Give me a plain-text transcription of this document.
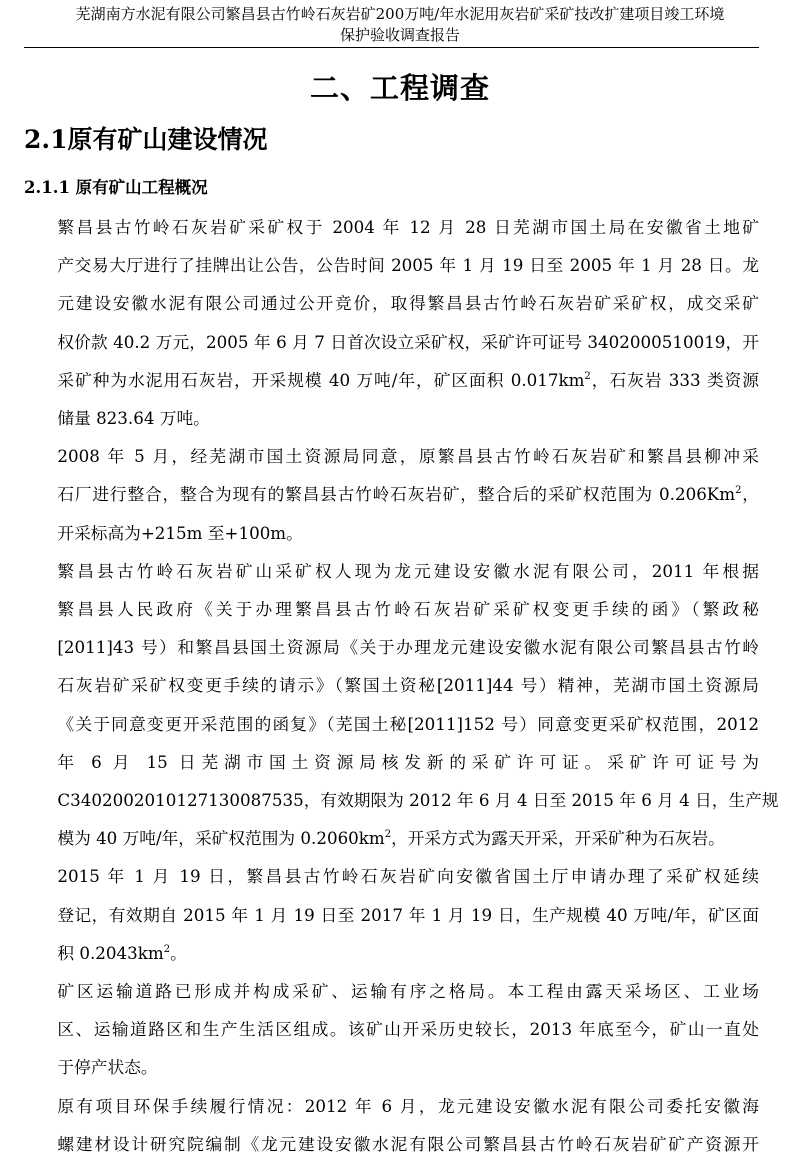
芜湖南方水泥有限公司繁昌县古竹岭石灰岩矿200万吨/年水泥用灰岩矿采矿技改扩建项目竣工环境
保护验收调查报告
二、工程调查
2.1原有矿山建设情况
2.1.1 原有矿山工程概况
繁昌县古竹岭石灰岩矿采矿权于 2004 年 12 月 28 日芜湖市国土局在安徽省土地矿
产交易大厅进行了挂牌出让公告，公告时间 2005 年 1 月 19 日至 2005 年 1 月 28 日。龙
元建设安徽水泥有限公司通过公开竞价，取得繁昌县古竹岭石灰岩矿采矿权，成交采矿
权价款 40.2 万元，2005 年 6 月 7 日首次设立采矿权，采矿许可证号 3402000510019，开
采矿种为水泥用石灰岩，开采规模 40 万吨/年，矿区面积 $0.017km^2$，石灰岩 333 类资源
储量 823.64 万吨。
2008 年 5 月，经芜湖市国土资源局同意，原繁昌县古竹岭石灰岩矿和繁昌县柳冲采
石厂进行整合，整合为现有的繁昌县古竹岭石灰岩矿，整合后的采矿权范围为 0.206Km$^2$，
开采标高为+215m 至+100m。
繁昌县古竹岭石灰岩矿山采矿权人现为龙元建设安徽水泥有限公司，2011 年根据
繁昌县人民政府《关于办理繁昌县古竹岭石灰岩矿采矿权变更手续的函》（繁政秘
[2011]43 号）和繁昌县国土资源局《关于办理龙元建设安徽水泥有限公司繁昌县古竹岭
石灰岩矿采矿权变更手续的请示》（繁国土资秘[2011]44 号）精神，芜湖市国土资源局
《关于同意变更开采范围的函复》（芜国土秘[2011]152 号）同意变更采矿权范围，2012
年 6 月 15 日芜湖市国土资源局核发新的采矿许可证。采矿许可证号为
C3402002010127130087535，有效期限为 2012 年 6 月 4 日至 2015 年 6 月 4 日，生产规
模为 40 万吨/年，采矿权范围为 $0.2060km^2$，开采方式为露天开采，开采矿种为石灰岩。
2015 年 1 月 19 日，繁昌县古竹岭石灰岩矿向安徽省国土厅申请办理了采矿权延续
登记，有效期自 2015 年 1 月 19 日至 2017 年 1 月 19 日，生产规模 40 万吨/年，矿区面
积 $0.2043km^2$。
矿区运输道路已形成并构成采矿、运输有序之格局。本工程由露天采场区、工业场
区、运输道路区和生产生活区组成。该矿山开采历史较长，2013 年底至今，矿山一直处
于停产状态。
原有项目环保手续履行情况：2012 年 6 月，龙元建设安徽水泥有限公司委托安徽海
螺建材设计研究院编制《龙元建设安徽水泥有限公司繁昌县古竹岭石灰岩矿矿产资源开
